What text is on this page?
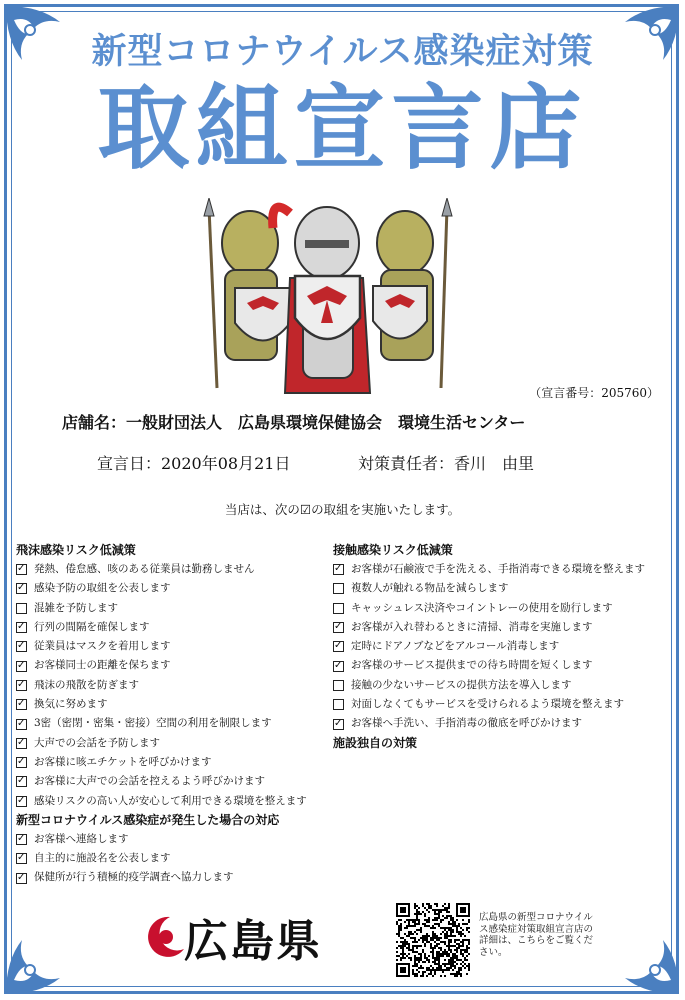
新型コロナウイルス感染症対策
取組宣言店
（宣言番号：205760）
店舗名：一般財団法人　広島県環境保健協会　環境生活センター
宣言日：2020年08月21日	対策責任者：香川　由里
当店は、次の☑の取組を実施いたします。
飛沫感染リスク低減策
✓
発熱、倦怠感、咳のある従業員は勤務しません
✓
感染予防の取組を公表します
混雑を予防します
✓
行列の間隔を確保します
✓
従業員はマスクを着用します
✓
お客様同士の距離を保ちます
✓
飛沫の飛散を防ぎます
✓
換気に努めます
✓
3密（密閉・密集・密接）空間の利用を制限します
✓
大声での会話を予防します
✓
お客様に咳エチケットを呼びかけます
✓
お客様に大声での会話を控えるよう呼びかけます
✓
感染リスクの高い人が安心して利用できる環境を整えます
新型コロナウイルス感染症が発生した場合の対応
✓
お客様へ連絡します
✓
自主的に施設名を公表します
✓
保健所が行う積極的疫学調査へ協力します
接触感染リスク低減策
✓
お客様が石鹸液で手を洗える、手指消毒できる環境を整えます
複数人が触れる物品を減らします
キャッシュレス決済やコイントレーの使用を励行します
✓
お客様が入れ替わるときに清掃、消毒を実施します
✓
定時にドアノブなどをアルコール消毒します
✓
お客様のサービス提供までの待ち時間を短くします
接触の少ないサービスの提供方法を導入します
対面しなくてもサービスを受けられるよう環境を整えます
✓
お客様へ手洗い、手指消毒の徹底を呼びかけます
施設独自の対策
広島県	広島県の新型コロナウイルス感染症対策取組宣言店の詳細は、こちらをご覧ください。
